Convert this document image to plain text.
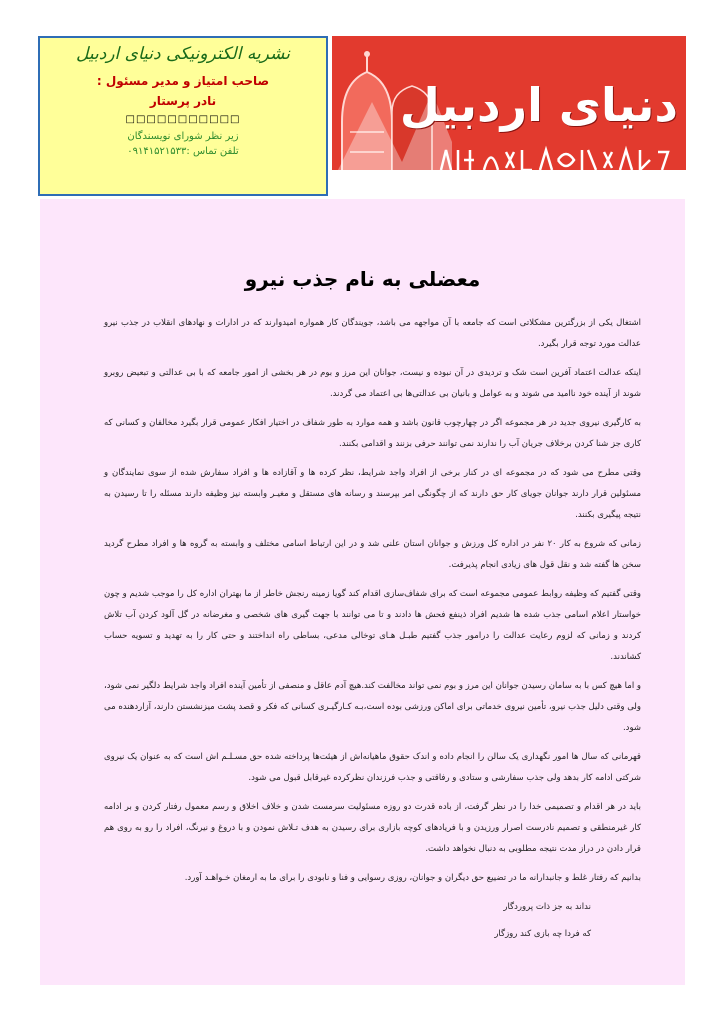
نشریه الکترونیکی دنیای اردبیل
صاحب امتیاز و مدیر مسئول :
نادر پرستار
□□□□□□□□□□□
زیر نظر شورای نویسندگان
تلفن تماس :۰۹۱۴۱۵۲۱۵۳۳
دنیای اردبیل
معضلی به نام جذب نیرو

اشتغال یکی از بزرگترین مشکلاتی است که جامعه با آن مواجهه می باشد، جویندگان کار همواره امیدوارند که در ادارات و نهادهای انقلاب در جذب نیرو عدالت مورد توجه قرار بگیرد.

اینکه عدالت اعتماد آفرین است شک و تردیدی در آن نبوده و نیست، جوانان این مرز و بوم در هر بخشی از امور جامعه که با بی عدالتی و تبعیض روبرو شوند از آینده خود ناامید می شوند و به عوامل و بانیان بی عدالتی‌ها بی اعتماد می گردند.

به کارگیری نیروی جدید در هر مجموعه اگر در چهارچوب قانون باشد و همه موارد به طور شفاف در اختیار افکار عمومی قرار بگیرد مخالفان و کسانی که کاری جز شنا کردن برخلاف جریان آب را ندارند نمی توانند حرفی بزنند و اقدامی بکنند.

وقتی مطرح می شود که در مجموعه ای در کنار برخی از افراد واجد شرایط، نظر کرده ها و آقازاده ها و افراد سفارش شده از سوی نمایندگان و مسئولین قرار دارند جوانان جویای کار حق دارند که از چگونگی امر بپرسند و رسانه های مستقل و مغیـر وابسته نیز وظیفه دارند مسئله را تا رسیدن به نتیجه پیگیری بکنند.

زمانی که شروع به کار ۲۰ نفر در اداره کل ورزش و جوانان استان علنی شد و در این ارتباط اسامی مختلف و وابسته به گروه ها و افراد مطرح گردید سخن ها گفته شد و نقل قول های زیادی انجام پذیرفت.

وقتی گفتیم که وظیفه روابط عمومی مجموعه است که برای شفاف‌سازی اقدام کند گویا زمینه رنجش خاطر از ما بهتران اداره کل را موجب شدیم و چون خواستار اعلام اسامی جذب شده ها شدیم افراد ذینفع فحش ها دادند و تا می توانند با جهت گیری های شخصی و مغرضانه در گل آلود کردن آب تلاش کردند و زمانی که لزوم رعایت عدالت را درامور جذب گفتیم طبـل هـای توخالی مدعی، بساطی راه انداختند و حتی کار را به تهدید و تسویه حساب کشاندند.

و اما هیچ کس با به سامان رسیدن جوانان این مرز و بوم نمی تواند مخالفت کند.هیچ آدم عاقل و منصفی از تأمین آینده افراد واجد شرایط دلگیر نمی شود، ولی وقتی دلیل جذب نیرو، تأمین نیروی خدماتی برای اماکن ورزشی بوده است،بـه کـارگیـری کسانی که فکر و قصد پشت میزنشستن دارند، آزاردهنده می شود.

قهرمانی که سال ها امور نگهداری یک سالن را انجام داده و اندک حقوق ماهیانه‌اش از هیئت‌ها پرداخته شده حق مسـلـم اش است که به عنوان یک نیروی شرکتی ادامه کار بدهد ولی جذب سفارشی و ستادی و رفاقتی و جذب فرزندان نظرکرده غیرقابل قبول می شود.

باید در هر اقدام و تصمیمی خدا را در نظر گرفت، از باده قدرت دو روزه مسئولیت سرمست شدن و خلاف اخلاق و رسم معمول رفتار کردن و بر ادامه کار غیرمنطقی و تصمیم نادرست اصرار ورزیدن و با فریادهای کوچه بازاری برای رسیدن به هدف تـلاش نمودن و با دروغ و نیرنگ، افراد را رو به روی هم قرار دادن در دراز مدت نتیجه مطلوبی به دنبال نخواهد داشت.

بدانیم که رفتار غلط و جانبدارانه ما در تضییع حق دیگران و جوانان، روزی رسوایی و فنا و نابودی را برای ما به ارمغان خـواهـد آورد.

نداند به جز ذات پروردگار

که فردا چه بازی کند روزگار
